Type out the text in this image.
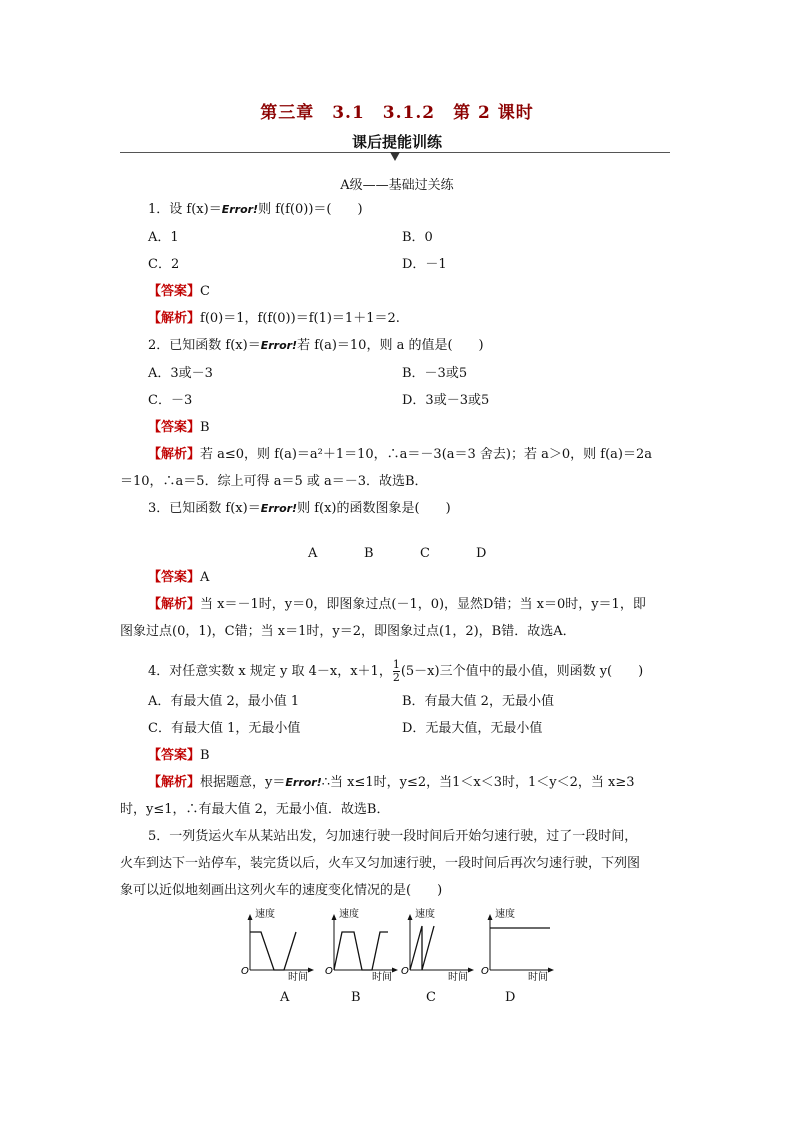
第三章　3.1　3.1.2　第 2 课时
课后提能训练
A级——基础过关练
1．设 f(x)＝Error!则 f(f(0))＝(　　)
A．1	B．0
C．2	D．－1
【答案】C
【解析】f(0)＝1，f(f(0))＝f(1)＝1＋1＝2.
2．已知函数 f(x)＝Error!若 f(a)＝10，则 a 的值是(　　)
A．3或－3	B．－3或5
C．－3	D．3或－3或5
【答案】B
【解析】若 a≤0，则 f(a)＝a²＋1＝10，∴a＝－3(a＝3 舍去)；若 a＞0，则 f(a)＝2a
＝10，∴a＝5．综上可得 a＝5 或 a＝－3．故选B．
3．已知函数 f(x)＝Error!则 f(x)的函数图象是(　　)
A	B	C	D
【答案】A
【解析】当 x＝－1时，y＝0，即图象过点(－1，0)，显然D错；当 x＝0时，y＝1，即
图象过点(0，1)，C错；当 x＝1时，y＝2，即图象过点(1，2)，B错．故选A．
4．对任意实数 x 规定 y 取 4－x，x＋1， $\frac{1}{2} (5-x)$三个值中的最小值，则函数 y(　　)
A．有最大值 2，最小值 1	B．有最大值 2，无最小值
C．有最大值 1，无最小值	D．无最大值，无最小值
【答案】B
【解析】根据题意，y＝Error!∴当 x≤1时，y≤2，当1＜x＜3时，1＜y＜2，当 x≥3
时，y≤1，∴有最大值 2，无最小值．故选B．
5．一列货运火车从某站出发，匀加速行驶一段时间后开始匀速行驶，过了一段时间，
火车到达下一站停车，装完货以后，火车又匀加速行驶，一段时间后再次匀速行驶，下列图
象可以近似地刻画出这列火车的速度变化情况的是(　　)
速度
时间
O
速度
时间
O
速度
时间
O
速度
时间
O
A	B	C	D
